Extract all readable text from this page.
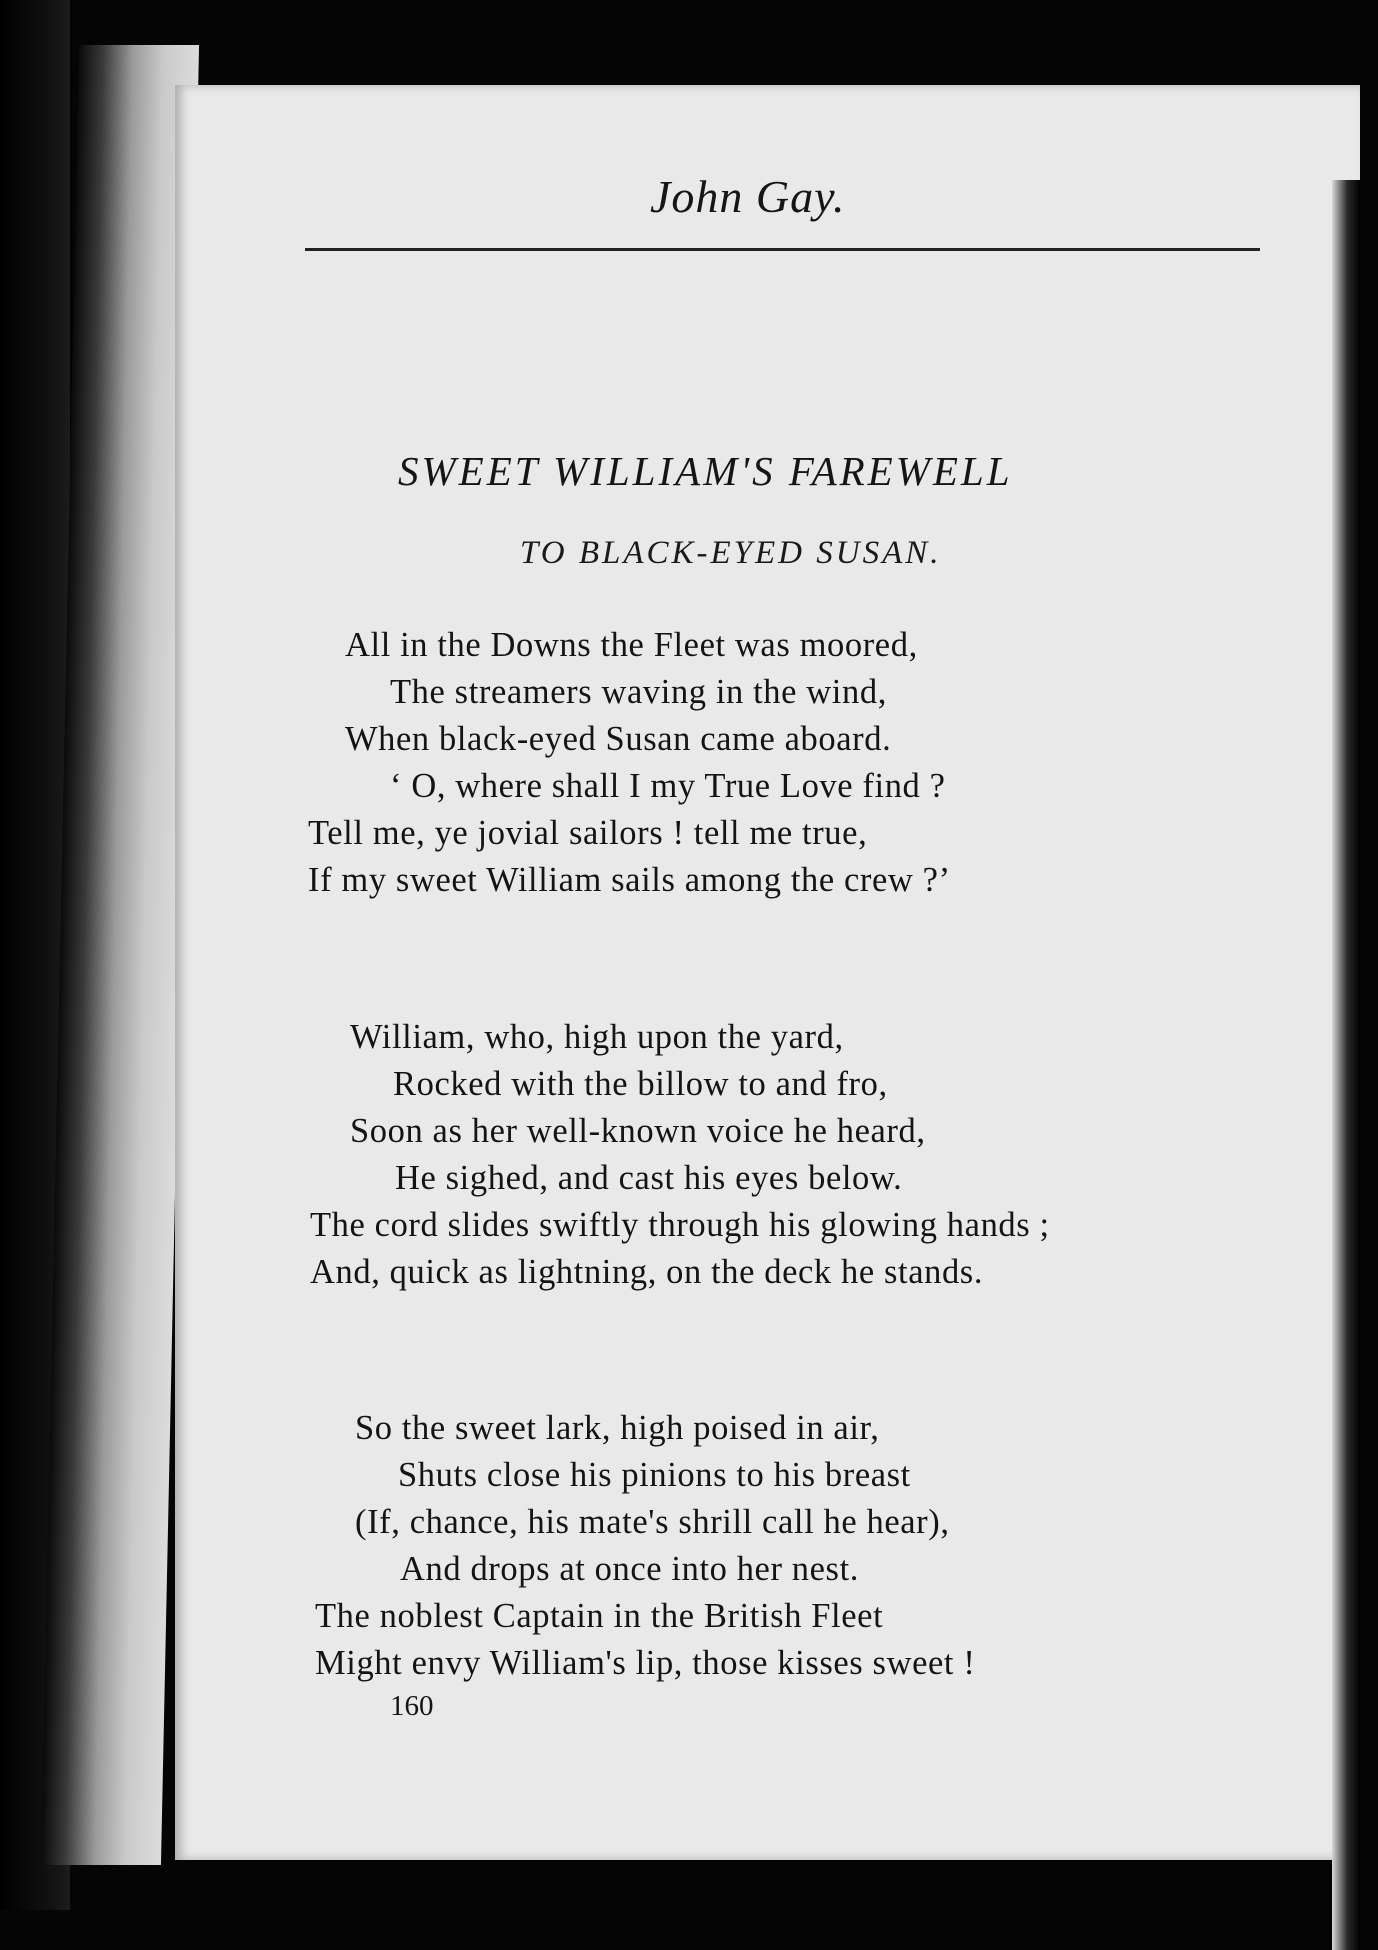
John Gay.
SWEET WILLIAM'S FAREWELL
TO BLACK-EYED SUSAN.
All in the Downs the Fleet was moored,
The streamers waving in the wind,
When black-eyed Susan came aboard.
‘ O, where shall I my True Love find ?
Tell me, ye jovial sailors ! tell me true,
If my sweet William sails among the crew ?’
William, who, high upon the yard,
Rocked with the billow to and fro,
Soon as her well-known voice he heard,
He sighed, and cast his eyes below.
The cord slides swiftly through his glowing hands ;
And, quick as lightning, on the deck he stands.
So the sweet lark, high poised in air,
Shuts close his pinions to his breast
(If, chance, his mate's shrill call he hear),
And drops at once into her nest.
The noblest Captain in the British Fleet
Might envy William's lip, those kisses sweet !
160
